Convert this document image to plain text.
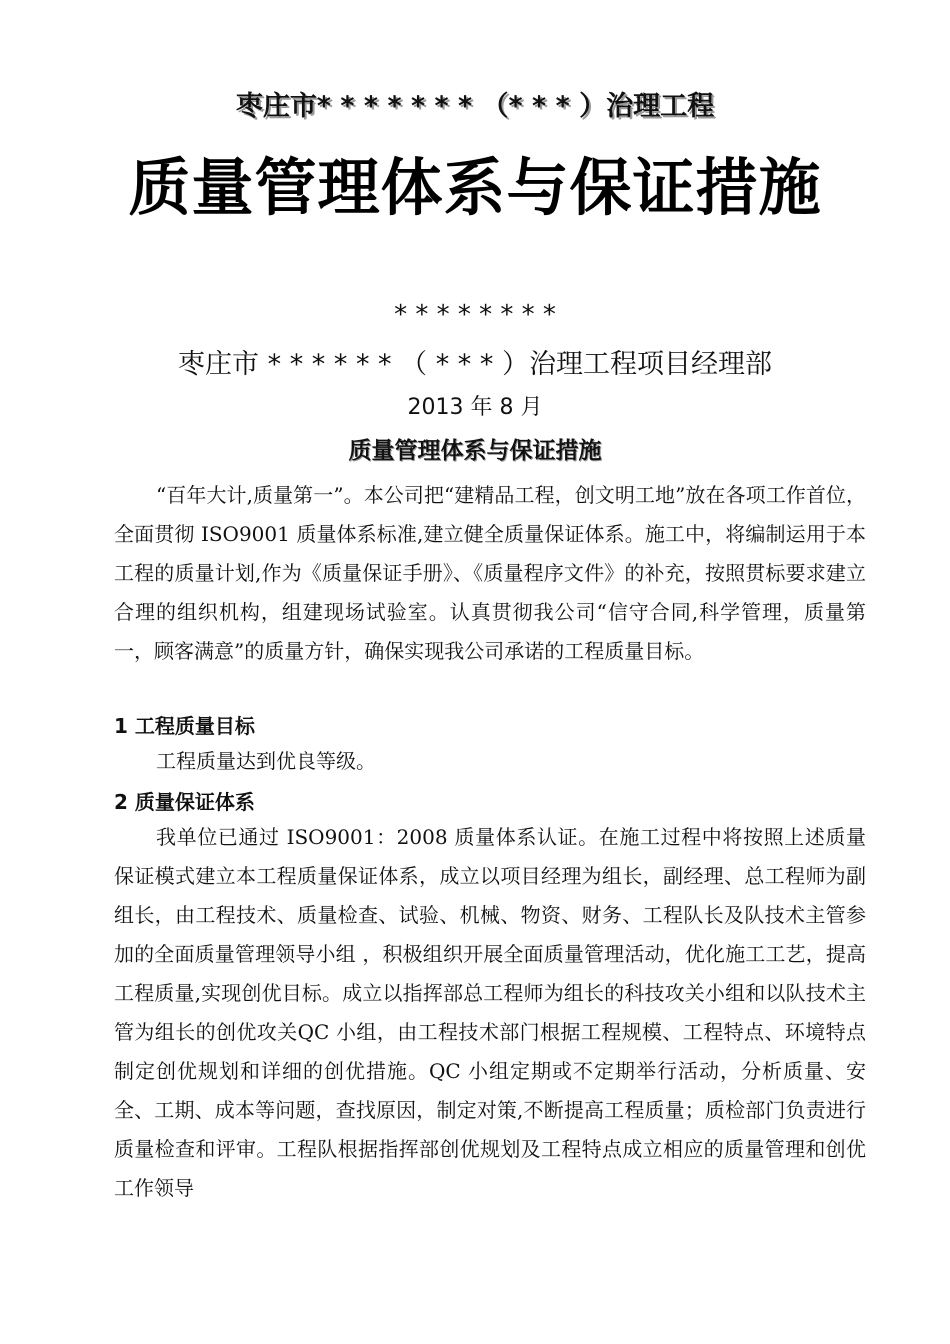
枣庄市* * * * * * * （* * * ）治理工程
质量管理体系与保证措施
* * * * * * * *
枣庄市 * * * * * * （ * * * ）治理工程项目经理部
2013 年 8 月
质量管理体系与保证措施

“百年大计,质量第一”。本公司把“建精品工程，创文明工地”放在各项工作首位，全面贯彻 ISO9001 质量体系标准,建立健全质量保证体系。施工中，将编制运用于本工程的质量计划,作为《质量保证手册》、《质量程序文件》的补充，按照贯标要求建立合理的组织机构，组建现场试验室。认真贯彻我公司“信守合同,科学管理，质量第一，顾客满意”的质量方针，确保实现我公司承诺的工程质量目标。

1 工程质量目标

工程质量达到优良等级。

2 质量保证体系

我单位已通过 ISO9001：2008 质量体系认证。在施工过程中将按照上述质量保证模式建立本工程质量保证体系，成立以项目经理为组长，副经理、总工程师为副组长，由工程技术、质量检查、试验、机械、物资、财务、工程队长及队技术主管参加的全面质量管理领导小组 ，积极组织开展全面质量管理活动，优化施工工艺，提高工程质量,实现创优目标。成立以指挥部总工程师为组长的科技攻关小组和以队技术主管为组长的创优攻关QC 小组，由工程技术部门根据工程规模、工程特点、环境特点制定创优规划和详细的创优措施。QC 小组定期或不定期举行活动，分析质量、安全、工期、成本等问题，查找原因，制定对策,不断提高工程质量；质检部门负责进行质量检查和评审。工程队根据指挥部创优规划及工程特点成立相应的质量管理和创优工作领导
